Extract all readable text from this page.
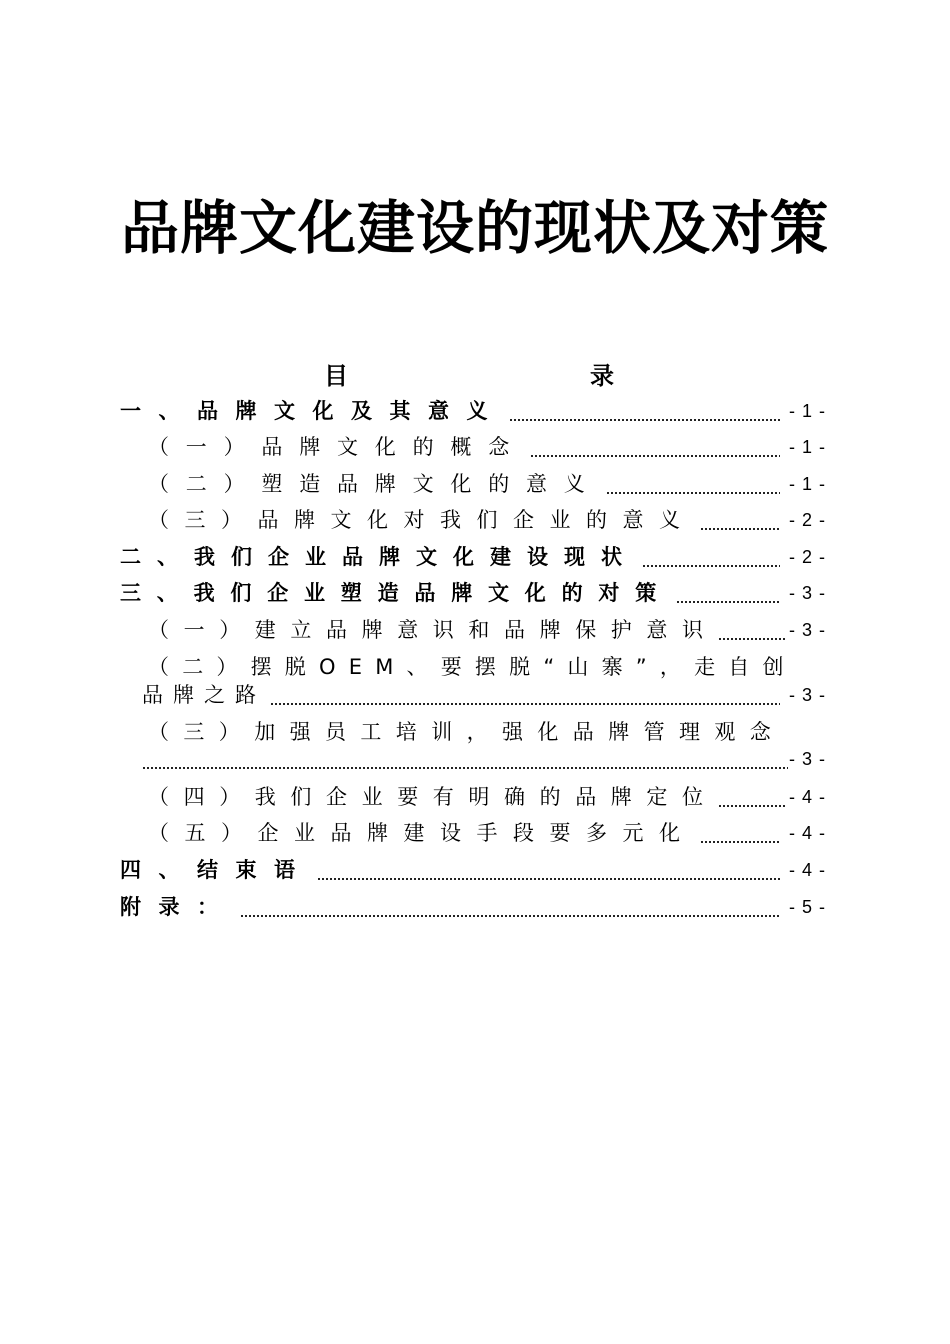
品牌文化建设的现状及对策
目	录
一、品牌文化及其意义	- 1 -
（一）品牌文化的概念	- 1 -
（二）塑造品牌文化的意义	- 1 -
（三）品牌文化对我们企业的意义	- 2 -
二、我们企业品牌文化建设现状	- 2 -
三、我们企业塑造品牌文化的对策	- 3 -
（一）建立品牌意识和品牌保护意识	- 3 -
（二）摆脱OEM、要摆脱“山寨”，走自创
品牌之路	- 3 -
（三）加强员工培训，强化品牌管理观念
- 3 -
（四）我们企业要有明确的品牌定位	- 4 -
（五）企业品牌建设手段要多元化	- 4 -
四、结束语	- 4 -
附录：	- 5 -
